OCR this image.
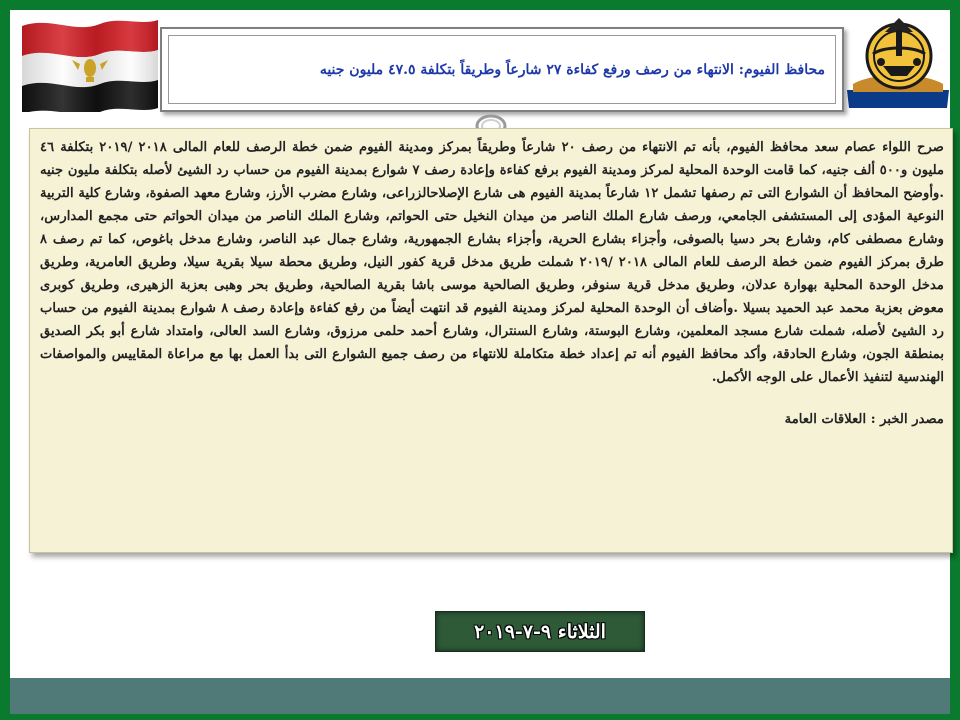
محافظ الفيوم: الانتهاء من رصف ورفع كفاءة ٢٧ شارعاً وطريقاً بتكلفة ٤٧.٥ مليون جنيه

صرح اللواء عصام سعد محافظ الفيوم، بأنه تم الانتهاء من رصف ٢٠ شارعاً وطريقاً بمركز ومدينة الفيوم ضمن خطة الرصف للعام المالى ٢٠١٨ /٢٠١٩ بتكلفة ٤٦ مليون و٥٠٠ ألف جنيه، كما قامت الوحدة المحلية لمركز ومدينة الفيوم برفع كفاءة وإعادة رصف ٧ شوارع بمدينة الفيوم من حساب رد الشيئ لأصله بتكلفة مليون جنيه .وأوضح المحافظ أن الشوارع التى تم رصفها تشمل ١٢ شارعاً بمدينة الفيوم هى شارع الإصلاحالزراعى، وشارع مضرب الأرز، وشارع معهد الصفوة، وشارع كلية التربية النوعية المؤدى إلى المستشفى الجامعي، ورصف شارع الملك الناصر من ميدان النخيل حتى الحواتم، وشارع الملك الناصر من ميدان الحواتم حتى مجمع المدارس، وشارع مصطفى كام، وشارع بحر دسيا بالصوفى، وأجزاء بشارع الحرية، وأجزاء بشارع الجمهورية، وشارع جمال عبد الناصر، وشارع مدخل باغوص، كما تم رصف ٨ طرق بمركز الفيوم ضمن خطة الرصف للعام المالى ٢٠١٨ /٢٠١٩ شملت طريق مدخل قرية كفور النيل، وطريق محطة سيلا بقرية سيلا، وطريق العامرية، وطريق مدخل الوحدة المحلية بهوارة عدلان، وطريق مدخل قرية سنوفر، وطريق الصالحية موسى باشا بقرية الصالحية، وطريق بحر وهبى بعزبة الزهيرى، وطريق كوبرى معوض بعزبة محمد عبد الحميد بسيلا .وأضاف أن الوحدة المحلية لمركز ومدينة الفيوم قد انتهت أيضاً من رفع كفاءة وإعادة رصف ٨ شوارع بمدينة الفيوم من حساب رد الشيئ لأصله، شملت شارع مسجد المعلمين، وشارع البوستة، وشارع السنترال، وشارع أحمد حلمى مرزوق، وشارع السد العالى، وامتداد شارع أبو بكر الصديق بمنطقة الجون، وشارع الحادقة، وأكد محافظ الفيوم أنه تم إعداد خطة متكاملة للانتهاء من رصف جميع الشوارع التى بدأ العمل بها مع مراعاة المقاييس والمواصفات الهندسية لتنفيذ الأعمال على الوجه الأكمل.

مصدر الخبر : العلاقات العامة
الثلاثاء ٩-٧-٢٠١٩
